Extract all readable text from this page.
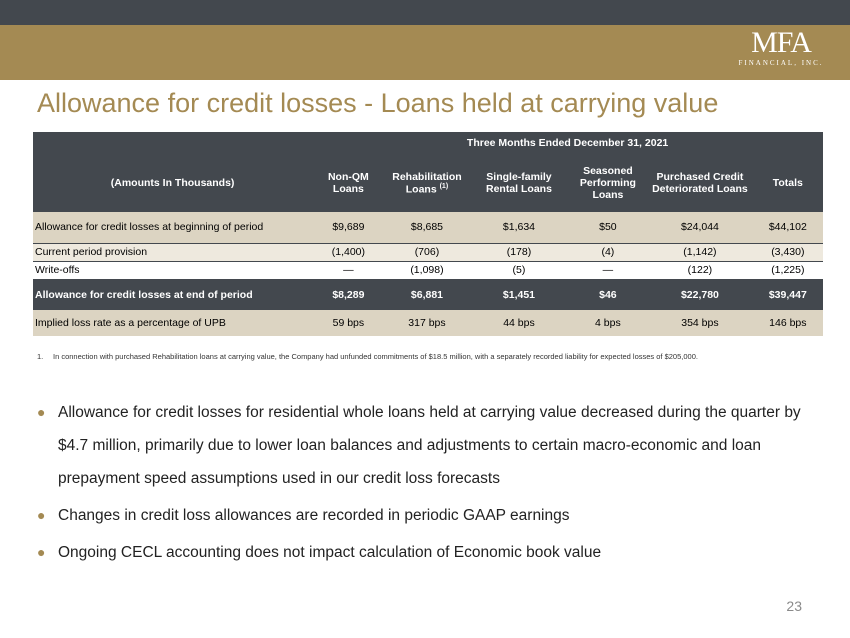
MFA
FINANCIAL, INC.
Allowance for credit losses - Loans held at carrying value
	Three Months Ended December 31, 2021					
(Amounts In Thousands)	Non-QM Loans	Rehabilitation Loans $^{(1)}$	Single-family Rental Loans	Seasoned Performing Loans	Purchased Credit Deteriorated Loans	Totals
Allowance for credit losses at beginning of period	$9,689	$8,685	$1,634	$50	$24,044	$44,102
Current period provision	(1,400)	(706)	(178)	(4)	(1,142)	(3,430)
Write-offs	—	(1,098)	(5)	—	(122)	(1,225)
Allowance for credit losses at end of period	$8,289	$6,881	$1,451	$46	$22,780	$39,447
Implied loss rate as a percentage of UPB	59 bps	317 bps	44 bps	4 bps	354 bps	146 bps
1. In connection with purchased Rehabilitation loans at carrying value, the Company had unfunded commitments of $18.5 million, with a separately recorded liability for expected losses of $205,000.
● Allowance for credit losses for residential whole loans held at carrying value decreased during the quarter by $4.7 million, primarily due to lower loan balances and adjustments to certain macro-economic and loan prepayment speed assumptions used in our credit loss forecasts
● Changes in credit loss allowances are recorded in periodic GAAP earnings
● Ongoing CECL accounting does not impact calculation of Economic book value
23
